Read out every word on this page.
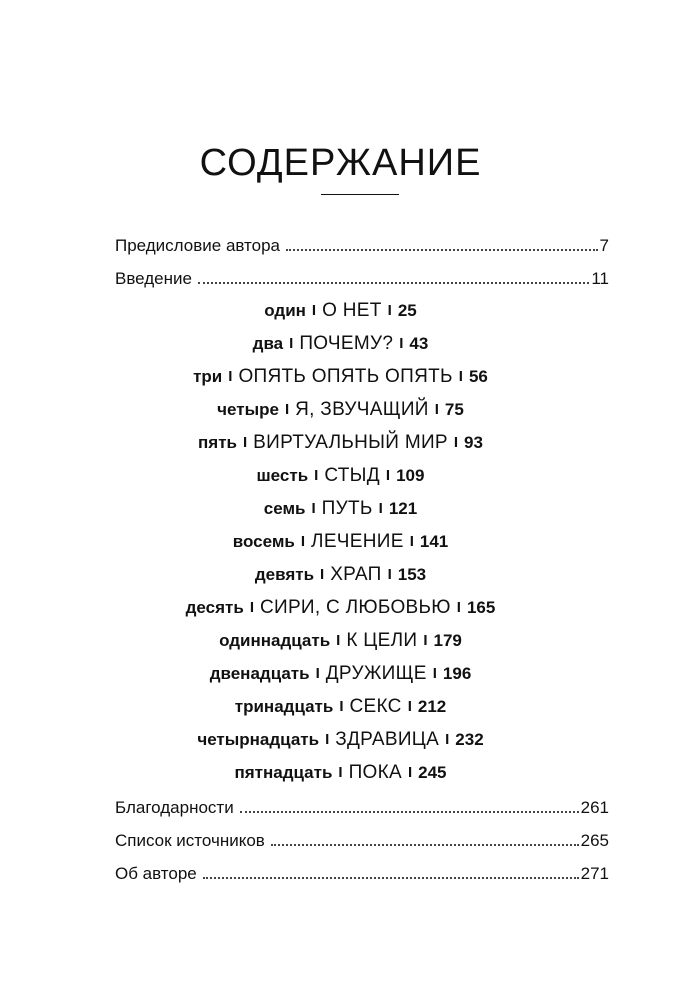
СОДЕРЖАНИЕ
Предисловие автора	7
Введение	11
один I О НЕТ I 25
два I ПОЧЕМУ? I 43
три I ОПЯТЬ ОПЯТЬ ОПЯТЬ I 56
четыре I Я, ЗВУЧАЩИЙ I 75
пять I ВИРТУАЛЬНЫЙ МИР I 93
шесть I СТЫД I 109
семь I ПУТЬ I 121
восемь I ЛЕЧЕНИЕ I 141
девять I ХРАП I 153
десять I СИРИ, С ЛЮБОВЬЮ I 165
одиннадцать I К ЦЕЛИ I 179
двенадцать I ДРУЖИЩЕ I 196
тринадцать I СЕКС I 212
четырнадцать I ЗДРАВИЦА I 232
пятнадцать I ПОКА I 245
Благодарности	261
Список источников	265
Об авторе	271
